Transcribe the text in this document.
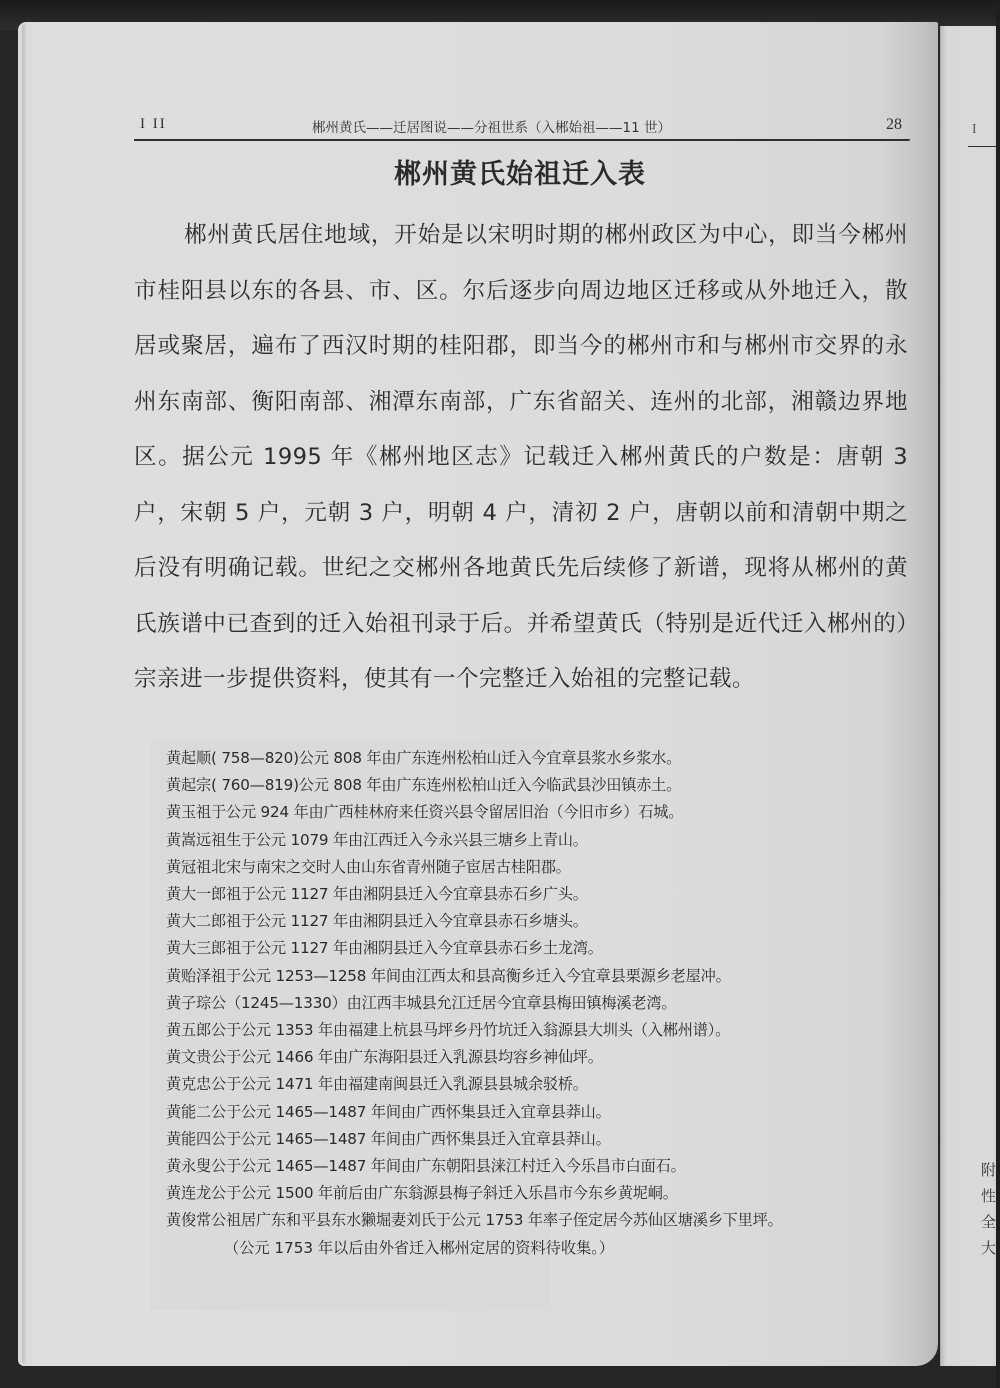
I
附
性
全
大
I II	郴州黄氏——迁居图说——分祖世系（入郴始祖——11 世）	28
郴州黄氏始祖迁入表
郴州黄氏居住地域，开始是以宋明时期的郴州政区为中心，即当今郴州市桂阳县以东的各县、市、区。尔后逐步向周边地区迁移或从外地迁入，散居或聚居，遍布了西汉时期的桂阳郡，即当今的郴州市和与郴州市交界的永州东南部、衡阳南部、湘潭东南部，广东省韶关、连州的北部，湘赣边界地区。据公元 1995 年《郴州地区志》记载迁入郴州黄氏的户数是：唐朝 3 户，宋朝 5 户，元朝 3 户，明朝 4 户，清初 2 户，唐朝以前和清朝中期之后没有明确记载。世纪之交郴州各地黄氏先后续修了新谱，现将从郴州的黄氏族谱中已查到的迁入始祖刊录于后。并希望黄氏（特别是近代迁入郴州的）宗亲进一步提供资料，使其有一个完整迁入始祖的完整记载。
黄起顺( 758—820)公元 808 年由广东连州松柏山迁入今宜章县浆水乡浆水。
黄起宗( 760—819)公元 808 年由广东连州松柏山迁入今临武县沙田镇赤土。
黄玉祖于公元 924 年由广西桂林府来任资兴县令留居旧治（今旧市乡）石城。
黄嵩远祖生于公元 1079 年由江西迁入今永兴县三塘乡上青山。
黄冠祖北宋与南宋之交时人由山东省青州随子宦居古桂阳郡。
黄大一郎祖于公元 1127 年由湘阴县迁入今宜章县赤石乡广头。
黄大二郎祖于公元 1127 年由湘阴县迁入今宜章县赤石乡塘头。
黄大三郎祖于公元 1127 年由湘阴县迁入今宜章县赤石乡土龙湾。
黄贻泽祖于公元 1253—1258 年间由江西太和县高衡乡迁入今宜章县栗源乡老屋冲。
黄子琮公（1245—1330）由江西丰城县允江迁居今宜章县梅田镇梅溪老湾。
黄五郎公于公元 1353 年由福建上杭县马坪乡丹竹坑迁入翁源县大圳头（入郴州谱）。
黄文贵公于公元 1466 年由广东海阳县迁入乳源县均容乡神仙坪。
黄克忠公于公元 1471 年由福建南闽县迁入乳源县县城余驳桥。
黄能二公于公元 1465—1487 年间由广西怀集县迁入宜章县莽山。
黄能四公于公元 1465—1487 年间由广西怀集县迁入宜章县莽山。
黄永叟公于公元 1465—1487 年间由广东朝阳县涞江村迁入今乐昌市白面石。
黄连龙公于公元 1500 年前后由广东翁源县梅子斜迁入乐昌市今东乡黄坭峒。
黄俊常公祖居广东和平县东水獭堀妻刘氏于公元 1753 年率子侄定居今苏仙区塘溪乡下里坪。
（公元 1753 年以后由外省迁入郴州定居的资料待收集。）
